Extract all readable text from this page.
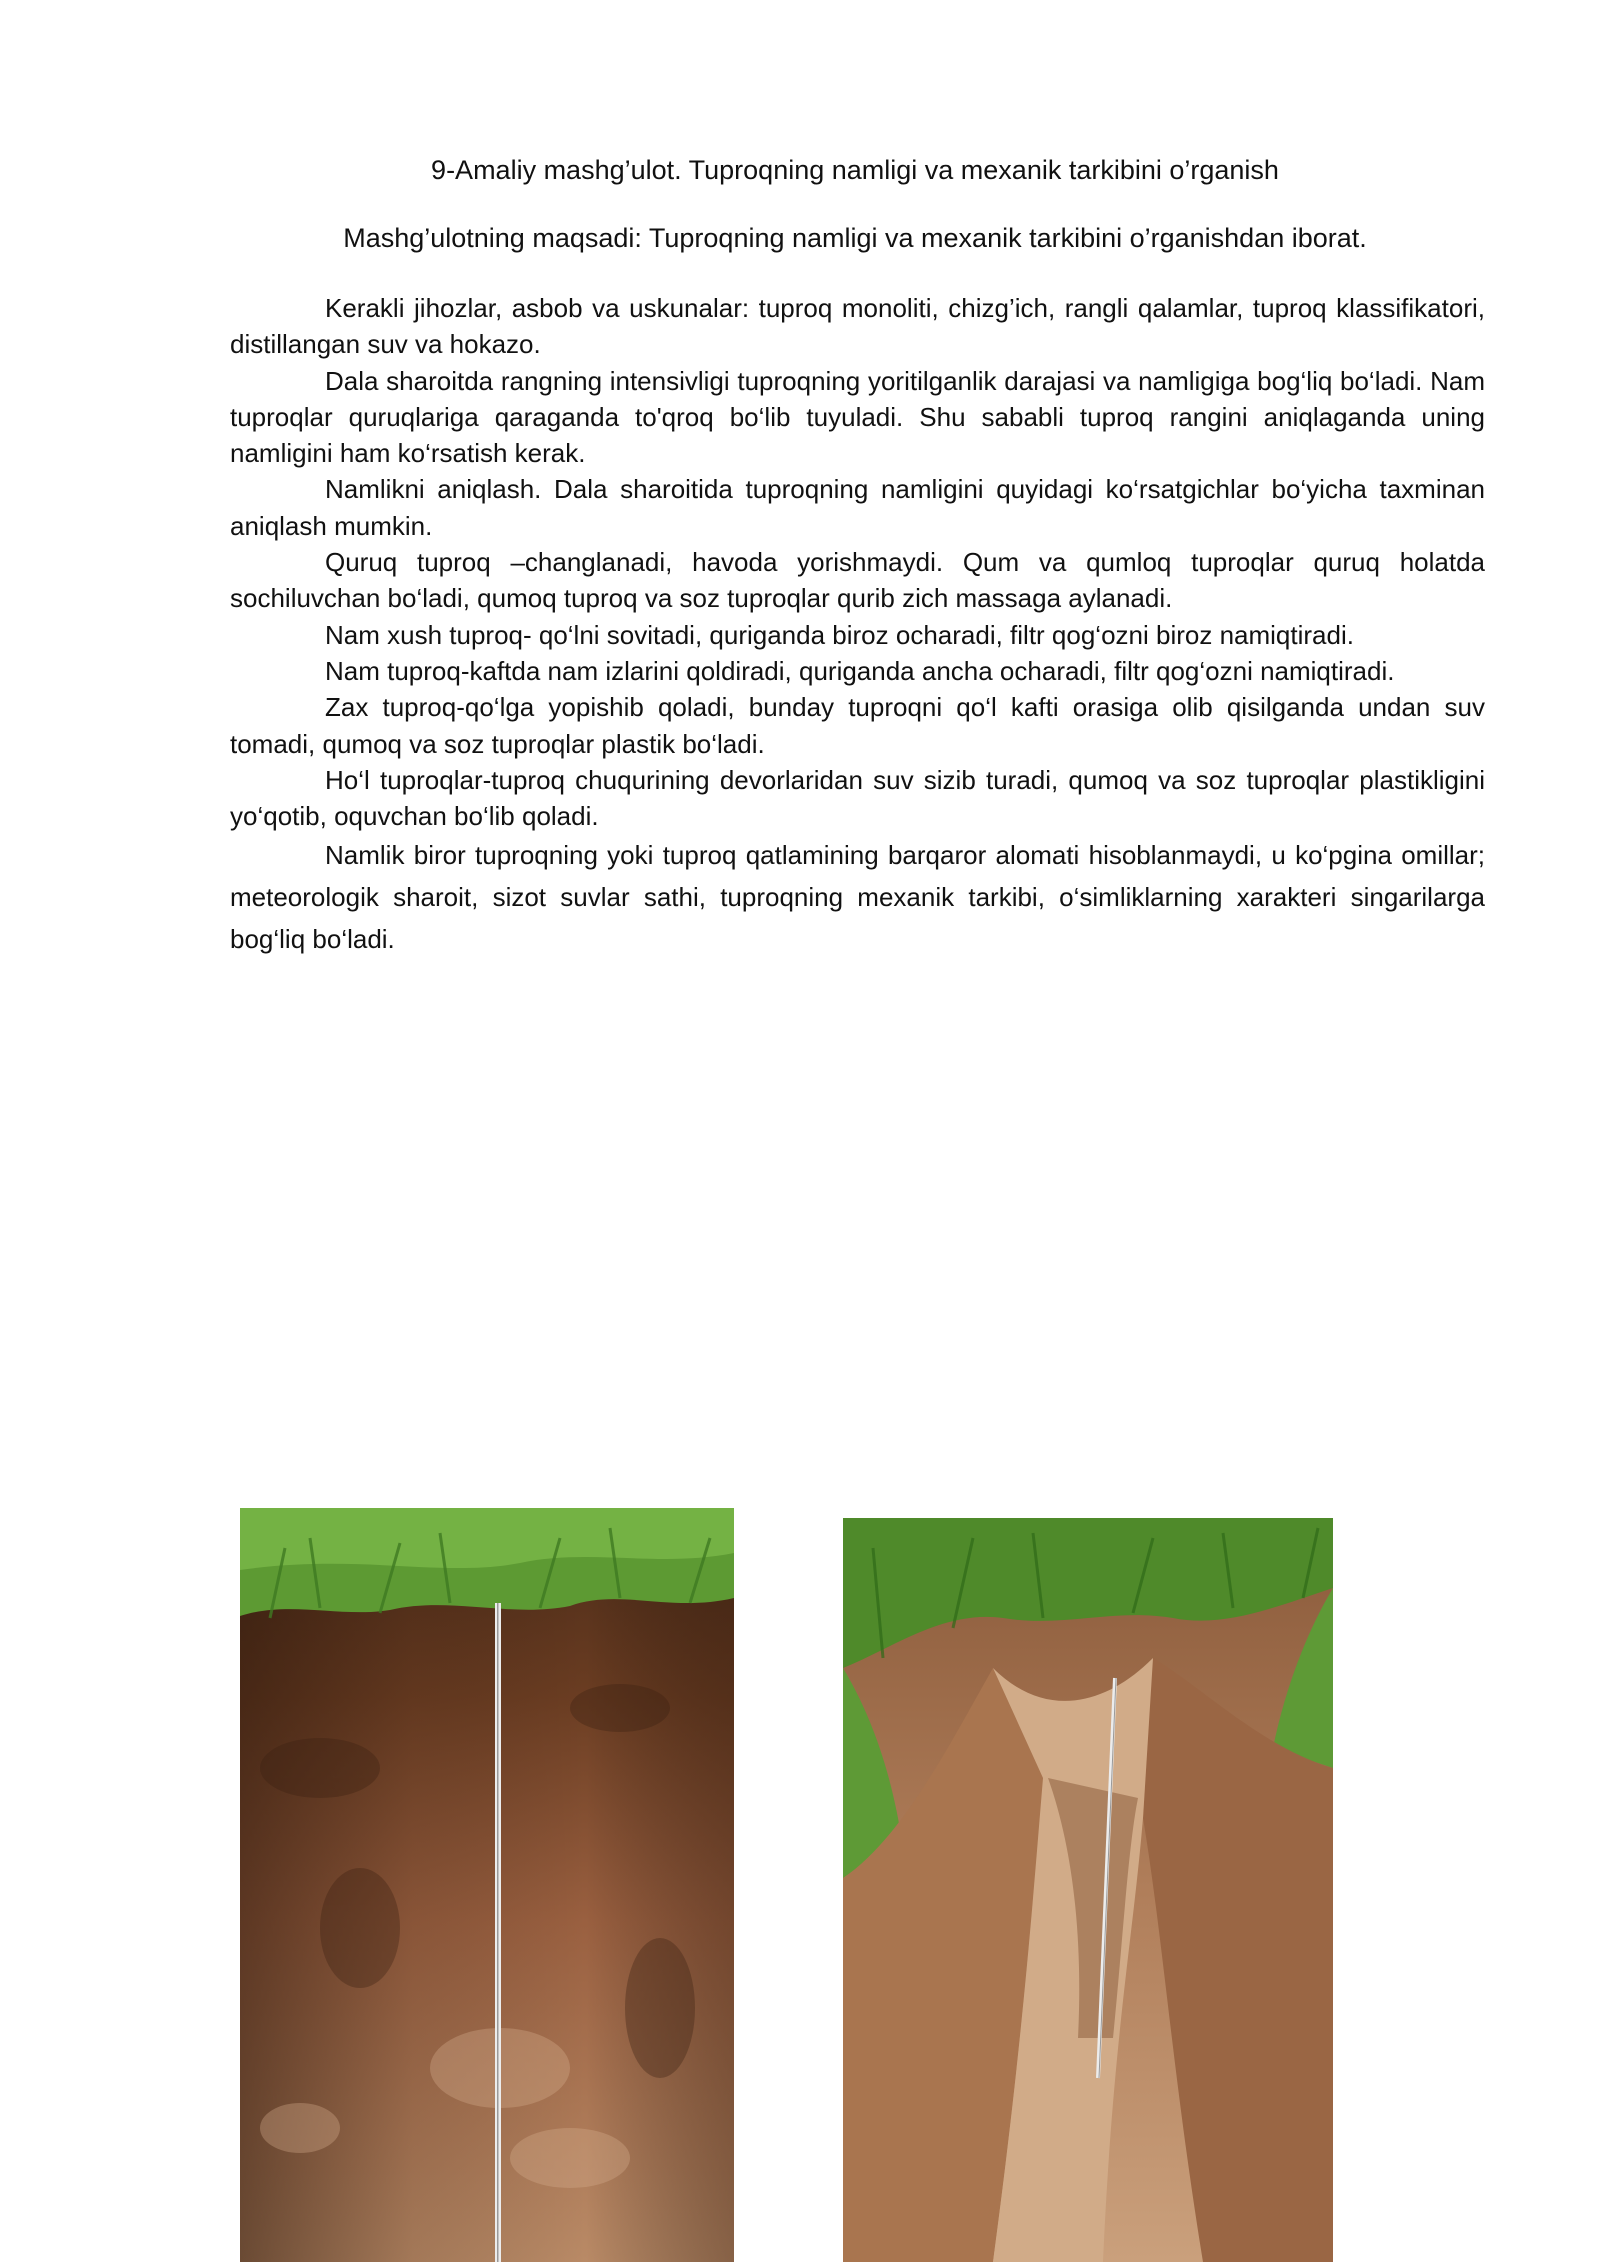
9-Amaliy mashg’ulot. Tuproqning namligi va mexanik tarkibini o’rganish
Mashg’ulotning maqsadi: Tuproqning namligi va mexanik tarkibini o’rganishdan iborat.

Kerakli jihozlar, asbob va uskunalar: tuproq monoliti, chizg’ich, rangli qalamlar, tuproq klassifikatori, distillangan suv va hokazo.

Dala sharoitda rangning intensivligi tuproqning yoritilganlik darajasi va namligiga bog‘liq bo‘ladi. Nam tuproqlar quruqlariga qaraganda to'qroq bo‘lib tuyuladi. Shu sababli tuproq rangini aniqlaganda uning namligini ham ko‘rsatish kerak.

Namlikni aniqlash. Dala sharoitida tuproqning namligini quyidagi ko‘rsatgichlar bo‘yicha taxminan aniqlash mumkin.

Quruq tuproq –changlanadi, havoda yorishmaydi. Qum va qumloq tuproqlar quruq holatda sochiluvchan bo‘ladi, qumoq tuproq va soz tuproqlar qurib zich massaga aylanadi.

Nam xush tuproq- qo‘lni sovitadi, quriganda biroz ocharadi, filtr qog‘ozni biroz namiqtiradi.

Nam tuproq-kaftda nam izlarini qoldiradi, quriganda ancha ocharadi, filtr qog‘ozni namiqtiradi.

Zax tuproq-qo‘lga yopishib qoladi, bunday tuproqni qo‘l kafti orasiga olib qisilganda undan suv tomadi, qumoq va soz tuproqlar plastik bo‘ladi.

Ho‘l tuproqlar-tuproq chuqurining devorlaridan suv sizib turadi, qumoq va soz tuproqlar plastikligini yo‘qotib, oquvchan bo‘lib qoladi.

Namlik biror tuproqning yoki tuproq qatlamining barqaror alomati hisoblanmaydi, u ko‘pgina omillar; meteorologik sharoit, sizot suvlar sathi, tuproqning mexanik tarkibi, o‘simliklarning xarakteri singarilarga bog‘liq bo‘ladi.
